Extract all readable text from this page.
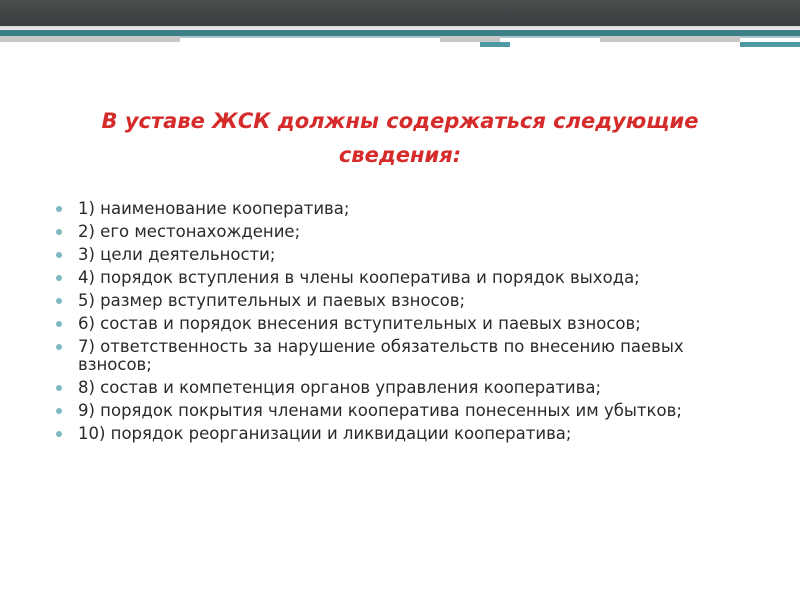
В уставе ЖСК должны содержаться следующие сведения:
1) наименование кооператива;
2) его местонахождение;
3) цели деятельности;
4) порядок вступления в члены кооператива и порядок выхода;
5) размер вступительных и паевых взносов;
6) состав и порядок внесения вступительных и паевых взносов;
7) ответственность за нарушение обязательств по внесению паевых взносов;
8) состав и компетенция органов управления кооператива;
9) порядок покрытия членами кооператива понесенных им убытков;
10) порядок реорганизации и ликвидации кооператива;
